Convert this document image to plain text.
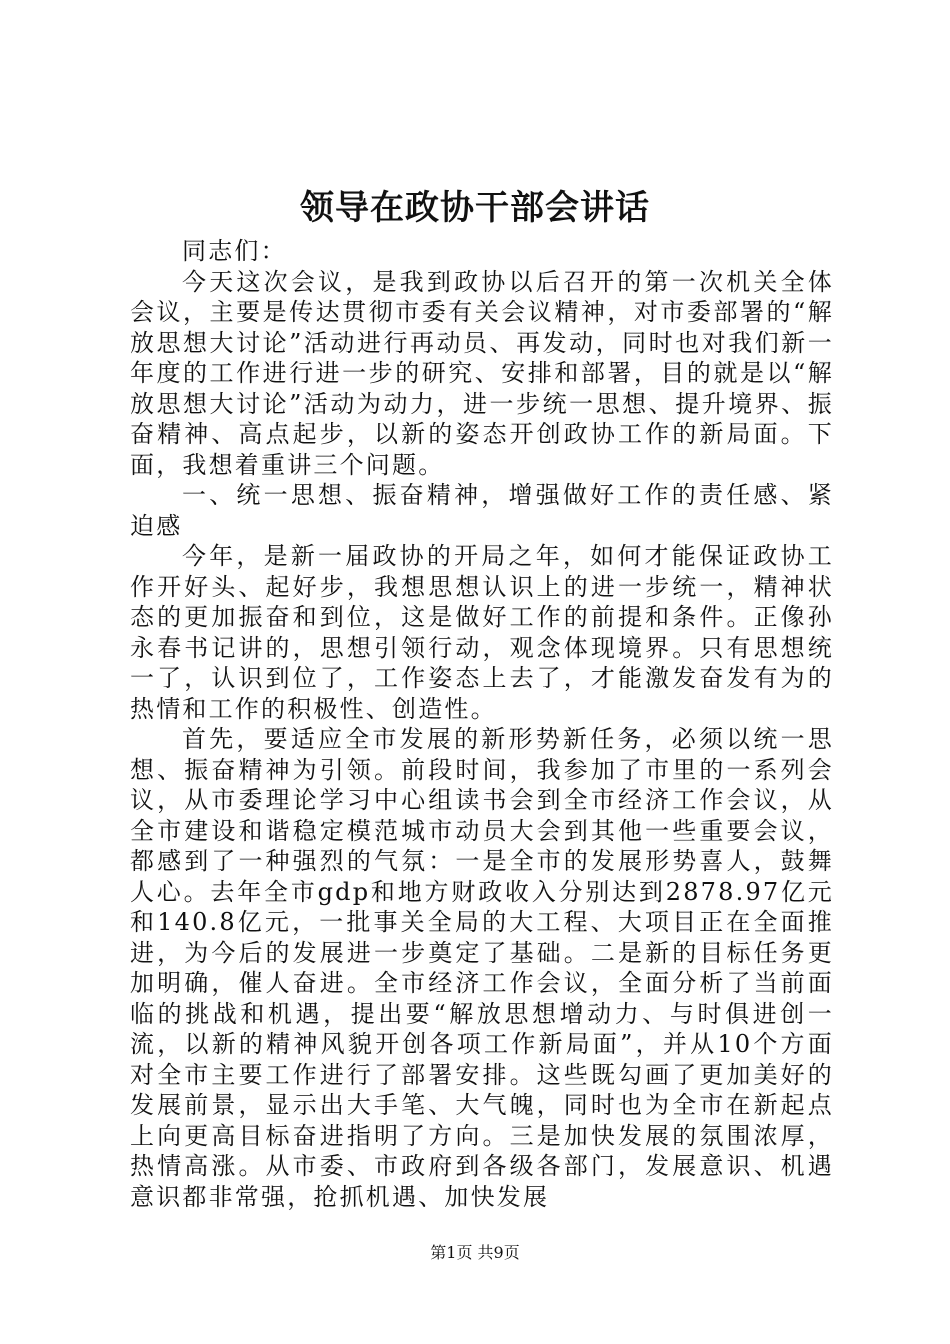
领导在政协干部会讲话

同志们：

今天这次会议，是我到政协以后召开的第一次机关全体会议，主要是传达贯彻市委有关会议精神，对市委部署的“解放思想大讨论”活动进行再动员、再发动，同时也对我们新一年度的工作进行进一步的研究、安排和部署，目的就是以“解放思想大讨论”活动为动力，进一步统一思想、提升境界、振奋精神、高点起步，以新的姿态开创政协工作的新局面。下面，我想着重讲三个问题。

一、统一思想、振奋精神，增强做好工作的责任感、紧迫感

今年，是新一届政协的开局之年，如何才能保证政协工作开好头、起好步，我想思想认识上的进一步统一，精神状态的更加振奋和到位，这是做好工作的前提和条件。正像孙永春书记讲的，思想引领行动，观念体现境界。只有思想统一了，认识到位了，工作姿态上去了，才能激发奋发有为的热情和工作的积极性、创造性。

首先，要适应全市发展的新形势新任务，必须以统一思想、振奋精神为引领。前段时间，我参加了市里的一系列会议，从市委理论学习中心组读书会到全市经济工作会议，从全市建设和谐稳定模范城市动员大会到其他一些重要会议，都感到了一种强烈的气氛：一是全市的发展形势喜人，鼓舞人心。去年全市gdp和地方财政收入分别达到2878.97亿元和140.8亿元，一批事关全局的大工程、大项目正在全面推进，为今后的发展进一步奠定了基础。二是新的目标任务更加明确，催人奋进。全市经济工作会议，全面分析了当前面临的挑战和机遇，提出要“解放思想增动力、与时俱进创一流，以新的精神风貌开创各项工作新局面”，并从10个方面对全市主要工作进行了部署安排。这些既勾画了更加美好的发展前景，显示出大手笔、大气魄，同时也为全市在新起点上向更高目标奋进指明了方向。三是加快发展的氛围浓厚，热情高涨。从市委、市政府到各级各部门，发展意识、机遇意识都非常强，抢抓机遇、加快发展

第1页 共9页
